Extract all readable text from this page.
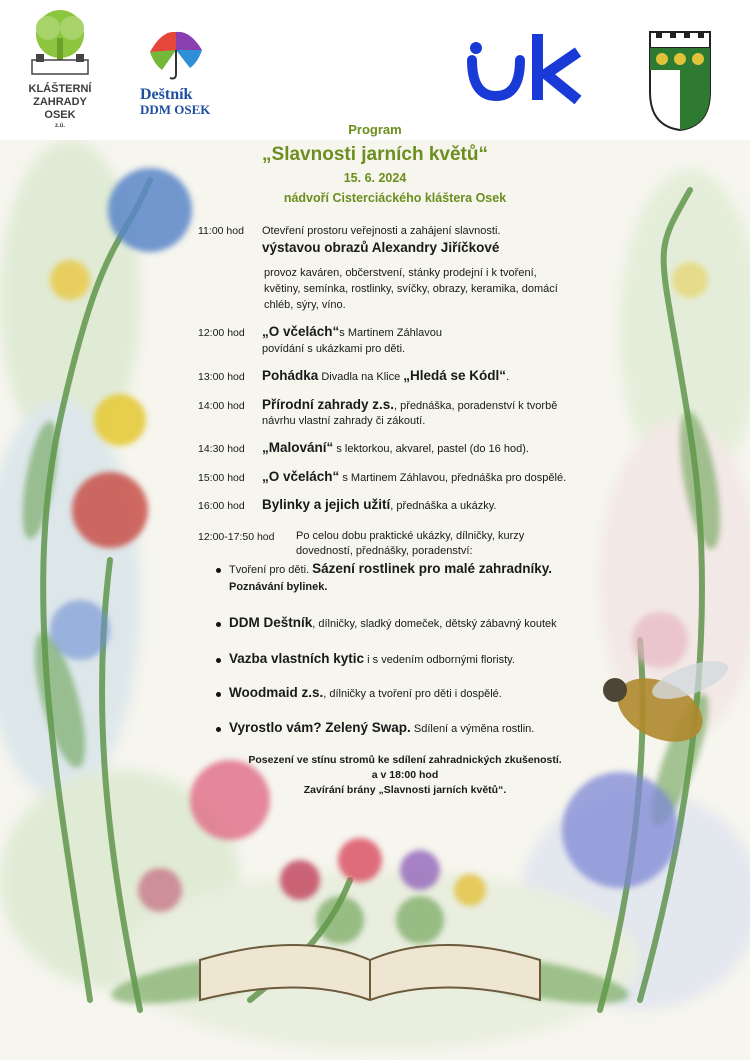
KLÁŠTERNÍ
ZAHRADY
OSEK
z.ú.
Deštník
DDM OSEK
Program
„Slavnosti jarních květů“
15. 6. 2024
nádvoří Cisterciáckého kláštera Osek
11:00 hod Otevření prostoru veřejnosti a zahájení slavnosti.
výstavou obrazů Alexandry Jiříčkové
provoz kaváren, občerstvení, stánky prodejní i k tvoření,
květiny, semínka, rostlinky, svíčky, obrazy, keramika, domácí
chléb, sýry, víno.
12:00 hod „O včelách“s Martinem Záhlavou
povídání s ukázkami pro děti.
13:00 hod Pohádka Divadla na Klice „Hledá se Kódl“.
14:00 hod Přírodní zahrady z.s., přednáška, poradenství k tvorbě
návrhu vlastní zahrady či zákoutí.
14:30 hod „Malování“ s lektorkou, akvarel, pastel (do 16 hod).
15:00 hod „O včelách“ s Martinem Záhlavou, přednáška pro dospělé.
16:00 hod Bylinky a jejich užití, přednáška a ukázky.
12:00-17:50 hod Po celou dobu praktické ukázky, dílničky, kurzy
dovedností, přednášky, poradenství:
Tvoření pro děti. Sázení rostlinek pro malé zahradníky.
Poznávání bylinek.
DDM Deštník, dílničky, sladký domeček, dětský zábavný koutek
Vazba vlastních kytic i s vedením odbornými floristy.
Woodmaid z.s., dílničky a tvoření pro děti i dospělé.
Vyrostlo vám? Zelený Swap. Sdílení a výměna rostlin.
Posezení ve stínu stromů ke sdílení zahradnických zkušeností.
a v 18:00 hod
Zavírání brány „Slavnosti jarních květů“.
